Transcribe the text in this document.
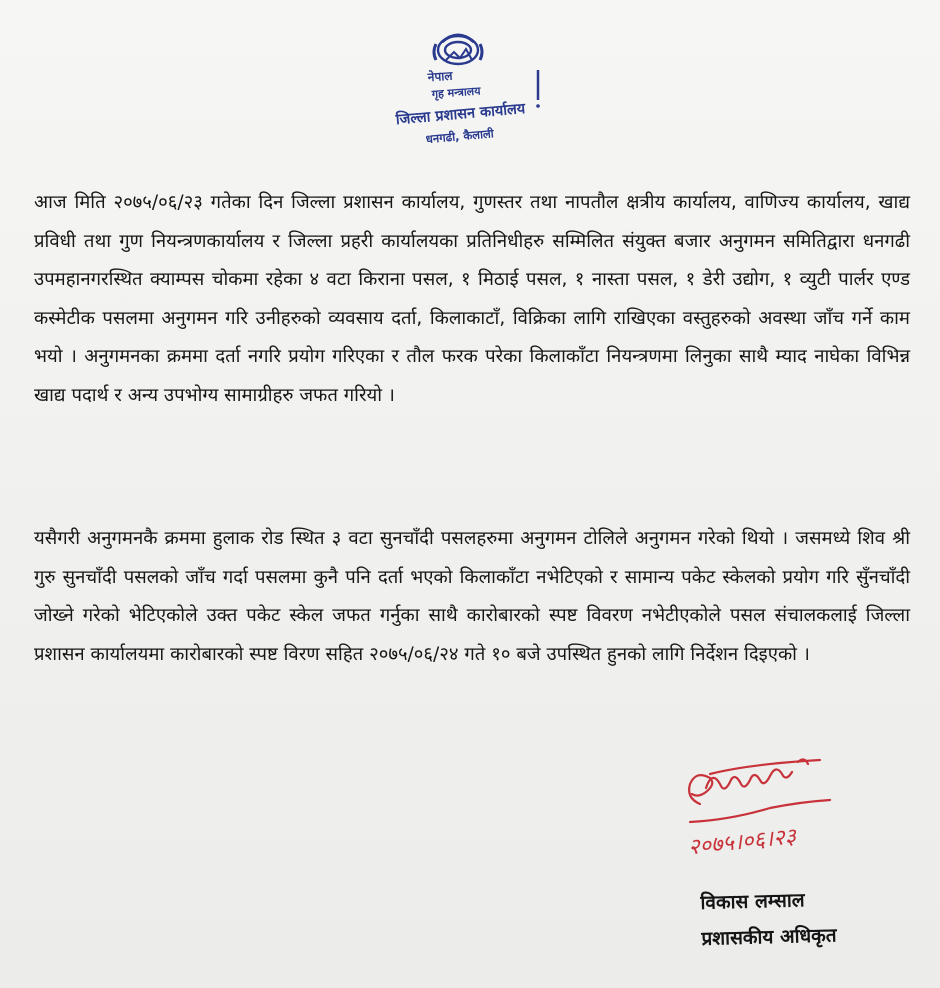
नेपाल
गृह मन्त्रालय
जिल्ला प्रशासन कार्यालय
धनगढी, कैलाली

आज मिति २०७५/०६/२३ गतेका दिन जिल्ला प्रशासन कार्यालय, गुणस्तर तथा नापतौल क्षत्रीय कार्यालय, वाणिज्य कार्यालय, खाद्य प्रविधी तथा गुण नियन्त्रणकार्यालय र जिल्ला प्रहरी कार्यालयका प्रतिनिधीहरु सम्मिलित संयुक्त बजार अनुगमन समितिद्वारा धनगढी उपमहानगरस्थित क्याम्पस चोकमा रहेका ४ वटा किराना पसल, १ मिठाई पसल, १ नास्ता पसल, १ डेरी उद्योग, १ व्युटी पार्लर एण्ड कस्मेटीक पसलमा अनुगमन गरि उनीहरुको व्यवसाय दर्ता, किलाकाटाँ, विक्रिका लागि राखिएका वस्तुहरुको अवस्था जाँच गर्ने काम भयो । अनुगमनका क्रममा दर्ता नगरि प्रयोग गरिएका र तौल फरक परेका किलाकाँटा नियन्त्रणमा लिनुका साथै म्याद नाघेका विभिन्न खाद्य पदार्थ र अन्य उपभोग्य सामाग्रीहरु जफत गरियो ।

यसैगरी अनुगमनकै क्रममा हुलाक रोड स्थित ३ वटा सुनचाँदी पसलहरुमा अनुगमन टोलिले अनुगमन गरेको थियो । जसमध्ये शिव श्री गुरु सुनचाँदी पसलको जाँच गर्दा पसलमा कुनै पनि दर्ता भएको किलाकाँटा नभेटिएको र सामान्य पकेट स्केलको प्रयोग गरि सुँनचाँदी जोख्ने गरेको भेटिएकोले उक्त पकेट स्केल जफत गर्नुका साथै कारोबारको स्पष्ट विवरण नभेटीएकोले पसल संचालकलाई जिल्ला प्रशासन कार्यालयमा कारोबारको स्पष्ट विरण सहित २०७५/०६/२४ गते १० बजे उपस्थित हुनको लागि निर्देशन दिइएको ।

२०७५।०६।२३
विकास लम्साल
प्रशासकीय अधिकृत
